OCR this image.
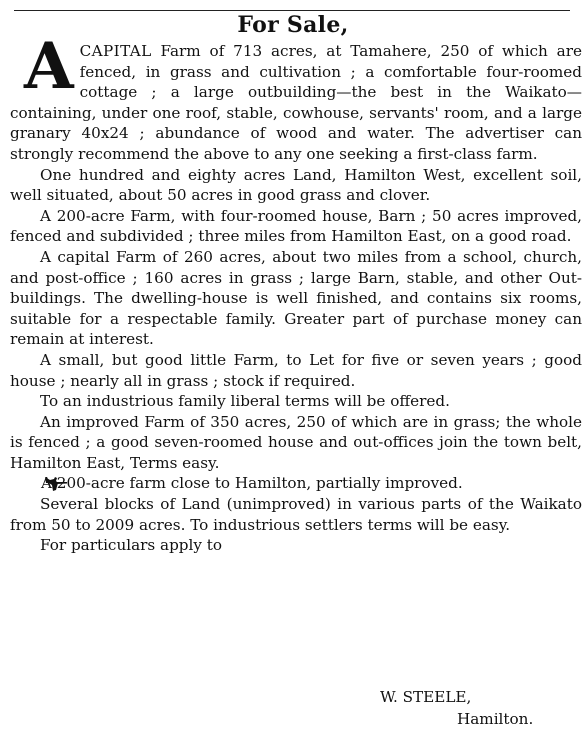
For Sale,

A CAPITAL Farm of 713 acres, at Tamahere, 250 of which are fenced, in grass and cultivation ; a comfortable four-roomed cottage ; a large outbuilding—the best in the Waikato—containing, under one roof, stable, cowhouse, servants' room, and a large granary 40x24 ; abundance of wood and water. The advertiser can strongly recommend the above to any one seeking a first-class farm.

One hundred and eighty acres Land, Hamilton West, excellent soil, well situated, about 50 acres in good grass and clover.

A 200-acre Farm, with four-roomed house, Barn ; 50 acres improved, fenced and subdivided ; three miles from Hamilton East, on a good road.

A capital Farm of 260 acres, about two miles from a school, church, and post-office ; 160 acres in grass ; large Barn, stable, and other Out-buildings. The dwelling-house is well finished, and contains six rooms, suitable for a respectable family. Greater part of purchase money can remain at interest.

A small, but good little Farm, to Let for five or seven years ; good house ; nearly all in grass ; stock if required.

To an industrious family liberal terms will be offered.

An improved Farm of 350 acres, 250 of which are in grass; the whole is fenced ; a good seven-roomed house and out-offices join the town belt, Hamilton East, Terms easy.

A 200-acre farm close to Hamilton, partially improved.

Several blocks of Land (unimproved) in various parts of the Waikato from 50 to 2009 acres. To industrious settlers terms will be easy.

For particulars apply to

W. STEELE,
Hamilton.
